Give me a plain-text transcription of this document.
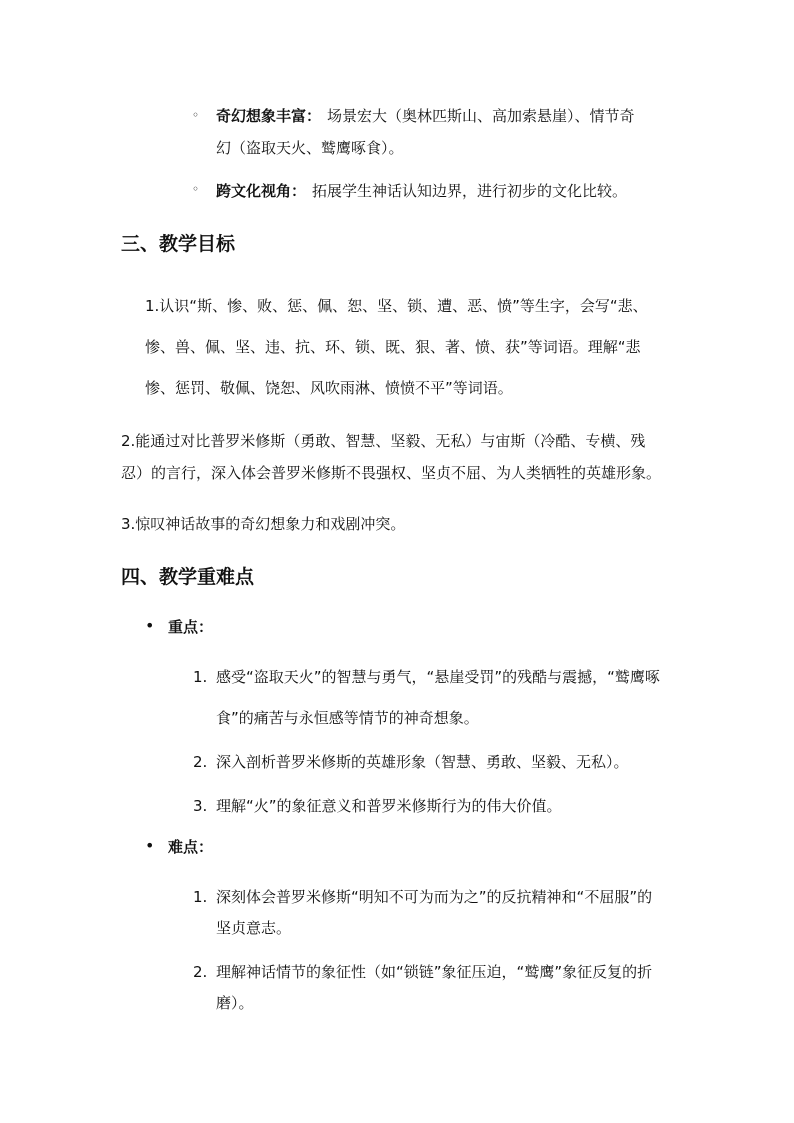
◦ 奇幻想象丰富： 场景宏大（奥林匹斯山、高加索悬崖）、情节奇
幻（盗取天火、鹫鹰啄食）。
◦ 跨文化视角： 拓展学生神话认知边界，进行初步的文化比较。
三、教学目标
1.认识“斯、惨、败、惩、佩、恕、坚、锁、遭、恶、愤”等生字，会写“悲、
惨、兽、佩、坚、违、抗、环、锁、既、狠、著、愤、获”等词语。理解“悲
惨、惩罚、敬佩、饶恕、风吹雨淋、愤愤不平”等词语。
2.能通过对比普罗米修斯（勇敢、智慧、坚毅、无私）与宙斯（冷酷、专横、残
忍）的言行，深入体会普罗米修斯不畏强权、坚贞不屈、为人类牺牲的英雄形象。
3.惊叹神话故事的奇幻想象力和戏剧冲突。
四、教学重难点
• 重点：
1. 感受“盗取天火”的智慧与勇气，“悬崖受罚”的残酷与震撼，“鹫鹰啄
食”的痛苦与永恒感等情节的神奇想象。
2. 深入剖析普罗米修斯的英雄形象（智慧、勇敢、坚毅、无私）。
3. 理解“火”的象征意义和普罗米修斯行为的伟大价值。
• 难点：
1. 深刻体会普罗米修斯“明知不可为而为之”的反抗精神和“不屈服”的
坚贞意志。
2. 理解神话情节的象征性（如“锁链”象征压迫，“鹫鹰”象征反复的折
磨）。
